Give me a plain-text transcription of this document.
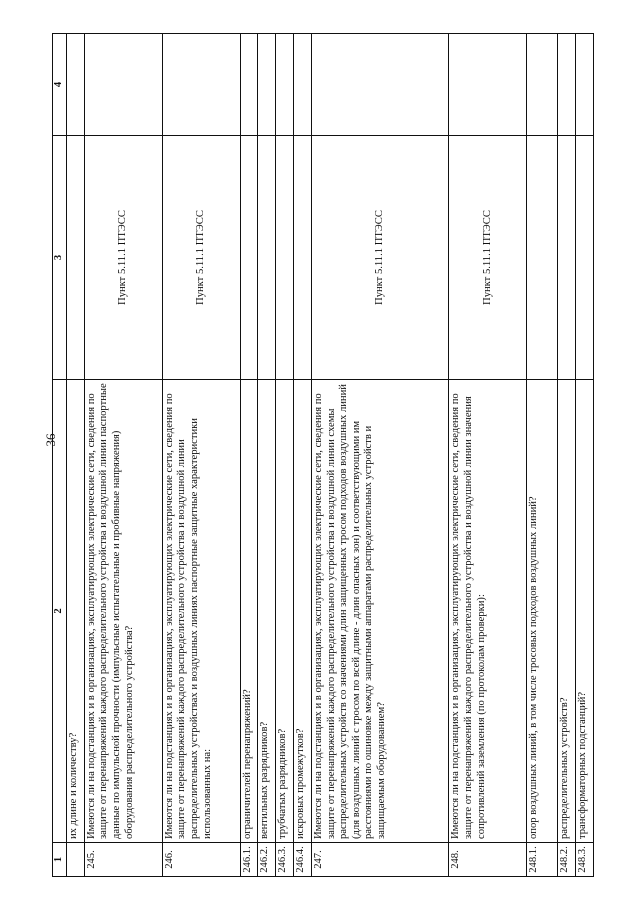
36
1	2	3	4
	их длине и количеству?		
245.	Имеются ли на подстанциях и в организациях, эксплуатирующих электрические сети, сведения по защите от перенапряжений каждого распределительного устройства и воздушной линии паспортные данные по импульсной прочности (импульсные испытательные и пробивные напряжения) оборудования распределительного устройства?	Пункт 5.11.1 ПТЭСС	
246.	Имеются ли на подстанциях и в организациях, эксплуатирующих электрические сети, сведения по защите от перенапряжений каждого распределительного устройства и воздушной линии распределительных устройствах и воздушных линиях паспортные защитные характеристики использованных на:	Пункт 5.11.1 ПТЭСС	
246.1.	ограничителей перенапряжений?		
246.2.	вентильных разрядников?		
246.3.	трубчатых разрядников?		
246.4.	искровых промежутков?		
247.	Имеются ли на подстанциях и в организациях, эксплуатирующих электрические сети, сведения по защите от перенапряжений каждого распределительного устройства и воздушной линии схемы распределительных устройств со значениями длин защищенных тросом подходов воздушных линий (для воздушных линий с тросом по всей длине - длин опасных зон) и соответствующими им расстояниями по ошиновке между защитными аппаратами распределительных устройств и защищаемым оборудованием?	Пункт 5.11.1 ПТЭСС	
248.	Имеются ли на подстанциях и в организациях, эксплуатирующих электрические сети, сведения по защите от перенапряжений каждого распределительного устройства и воздушной линии значения сопротивлений заземления (по протоколам проверки):	Пункт 5.11.1 ПТЭСС	
248.1.	опор воздушных линий, в том числе тросовых подходов воздушных линий?		
248.2.	распределительных устройств?		
248.3.	трансформаторных подстанций?		
